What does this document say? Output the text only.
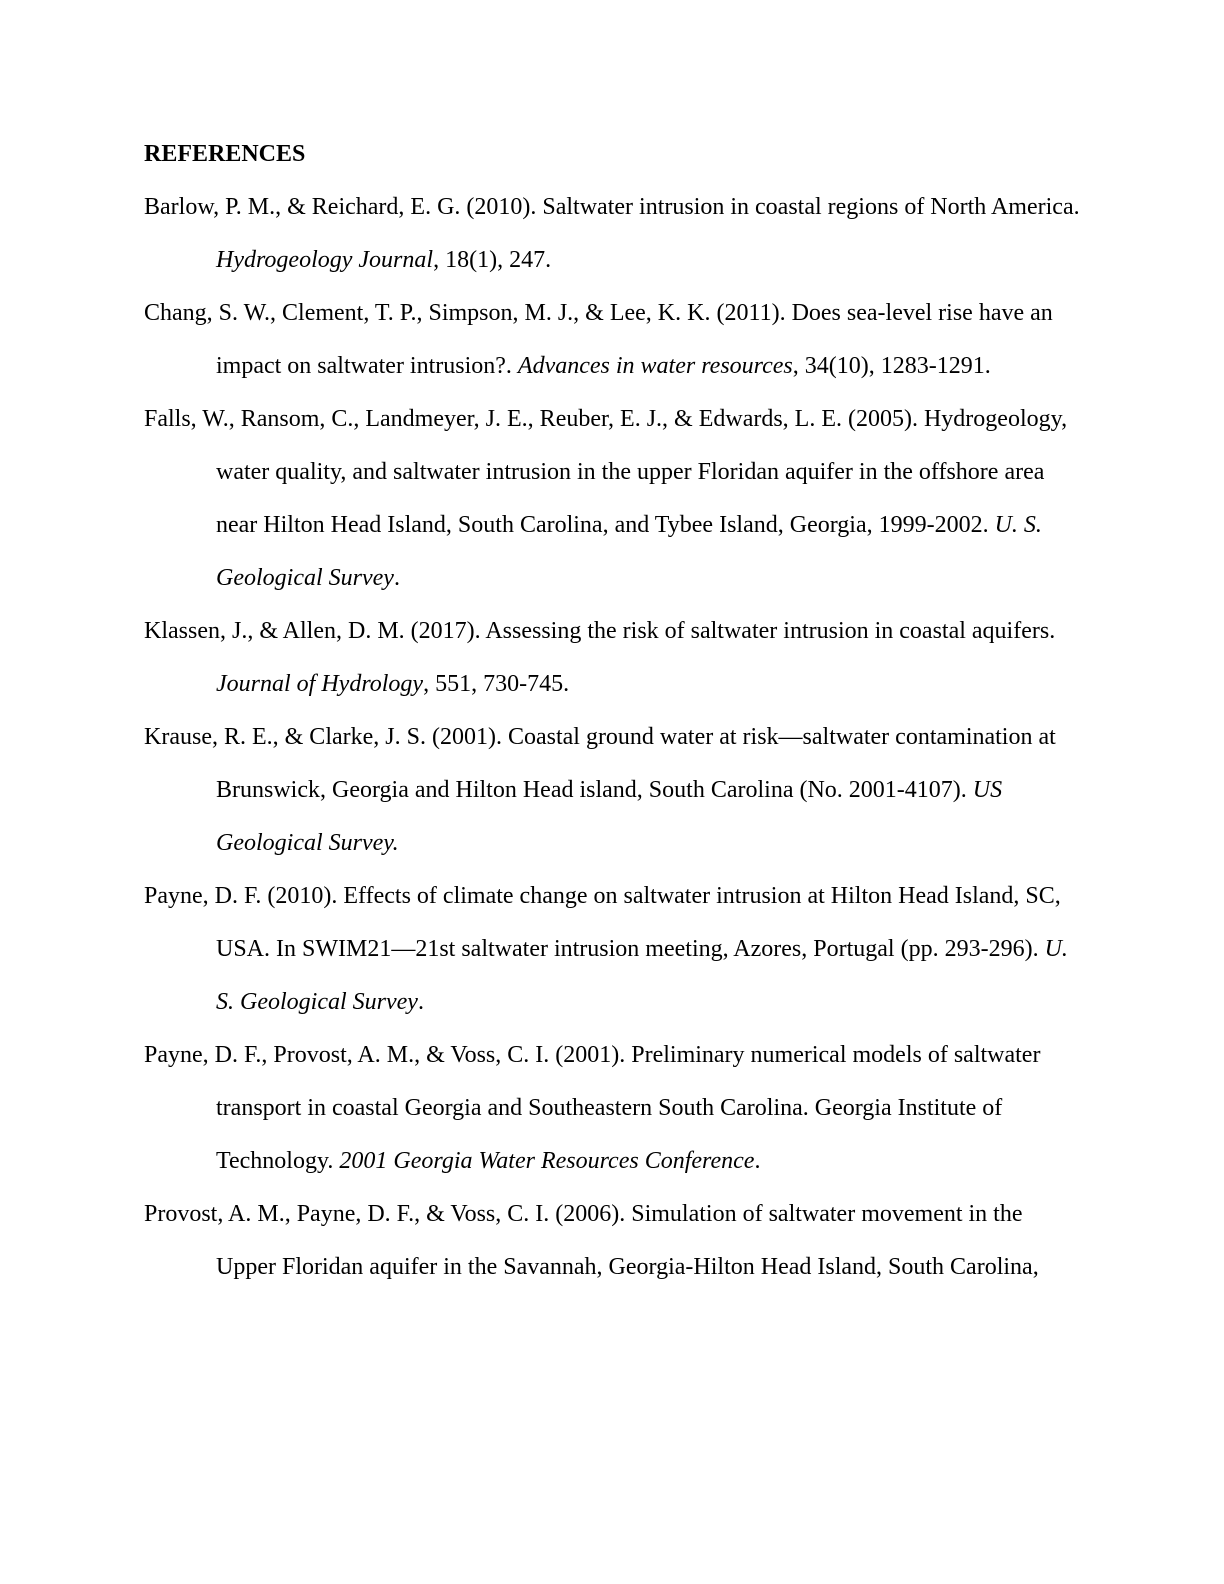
REFERENCES

Barlow, P. M., & Reichard, E. G. (2010). Saltwater intrusion in coastal regions of North America. Hydrogeology Journal, 18(1), 247.

Chang, S. W., Clement, T. P., Simpson, M. J., & Lee, K. K. (2011). Does sea-level rise have an impact on saltwater intrusion?. Advances in water resources, 34(10), 1283-1291.

Falls, W., Ransom, C., Landmeyer, J. E., Reuber, E. J., & Edwards, L. E. (2005). Hydrogeology, water quality, and saltwater intrusion in the upper Floridan aquifer in the offshore area near Hilton Head Island, South Carolina, and Tybee Island, Georgia, 1999-2002. U. S. Geological Survey.

Klassen, J., & Allen, D. M. (2017). Assessing the risk of saltwater intrusion in coastal aquifers. Journal of Hydrology, 551, 730-745.

Krause, R. E., & Clarke, J. S. (2001). Coastal ground water at risk—saltwater contamination at Brunswick, Georgia and Hilton Head island, South Carolina (No. 2001-4107). US Geological Survey.

Payne, D. F. (2010). Effects of climate change on saltwater intrusion at Hilton Head Island, SC, USA. In SWIM21—21st saltwater intrusion meeting, Azores, Portugal (pp. 293-296). U. S. Geological Survey.

Payne, D. F., Provost, A. M., & Voss, C. I. (2001). Preliminary numerical models of saltwater transport in coastal Georgia and Southeastern South Carolina. Georgia Institute of Technology. 2001 Georgia Water Resources Conference.

Provost, A. M., Payne, D. F., & Voss, C. I. (2006). Simulation of saltwater movement in the Upper Floridan aquifer in the Savannah, Georgia-Hilton Head Island, South Carolina,
